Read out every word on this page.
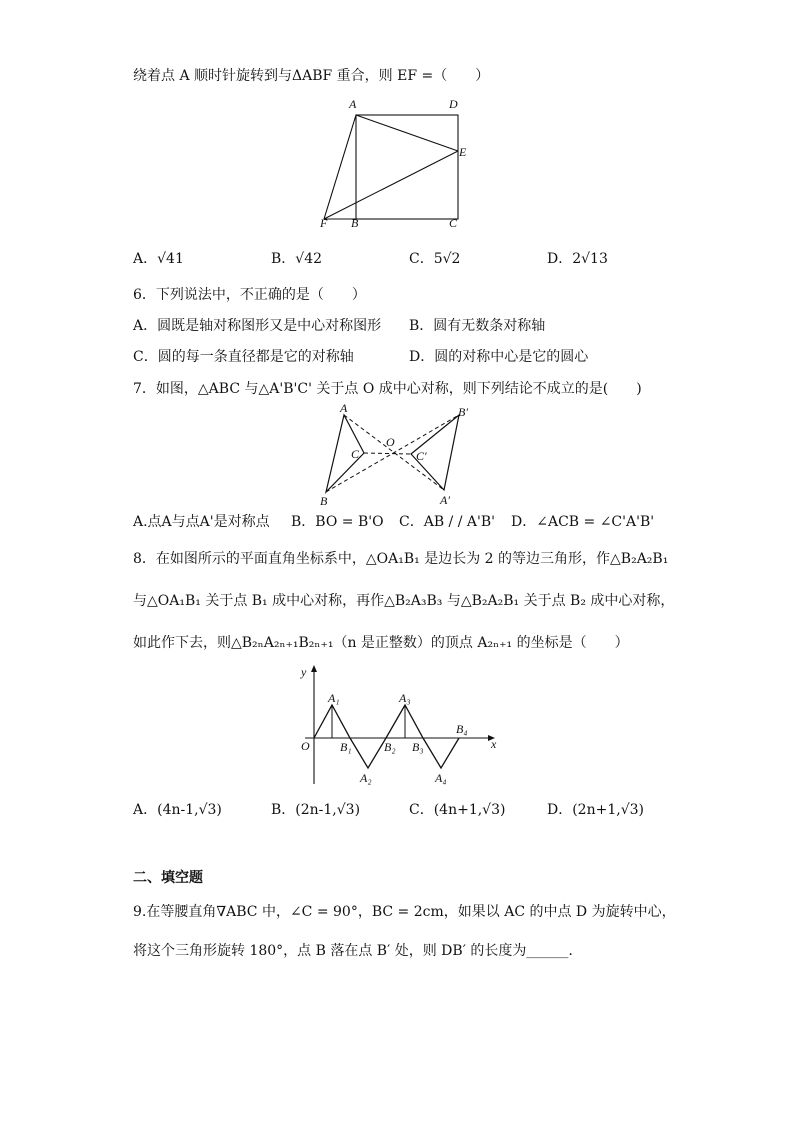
绕着点 A 顺时针旋转到与ΔABF 重合，则 EF =（　　）
A	D
E
F B	C
A．√41	B．√42	C．5√2	D．2√13
6．下列说法中，不正确的是（　　）
A．圆既是轴对称图形又是中心对称图形 B．圆有无数条对称轴
C．圆的每一条直径都是它的对称轴	D．圆的对称中心是它的圆心
7．如图，△ABC 与△A'B'C' 关于点 O 成中心对称，则下列结论不成立的是(　　)
A
B
C
O
A′
B′
C′
A.点A与点A'是对称点 B．BO = B'O C．AB / / A'B' D．∠ACB = ∠C'A'B'
8．在如图所示的平面直角坐标系中，△OA₁B₁ 是边长为 2 的等边三角形，作△B₂A₂B₁
与△OA₁B₁ 关于点 B₁ 成中心对称，再作△B₂A₃B₃ 与△B₂A₂B₁ 关于点 B₂ 成中心对称，
如此作下去，则△B₂ₙA₂ₙ₊₁B₂ₙ₊₁（n 是正整数）的顶点 A₂ₙ₊₁ 的坐标是（　　）
y
x
O
A₁
A₂
A₃
A₄
B₁	B₂ B₃
B₄
A．(4n-1,√3)	B．(2n-1,√3)	C．(4n+1,√3)	D．(2n+1,√3)
二、填空题
9.在等腰直角∇ABC 中，∠C = 90°，BC = 2cm，如果以 AC 的中点 D 为旋转中心，
将这个三角形旋转 180°，点 B 落在点 B′ 处，则 DB′ 的长度为______.
